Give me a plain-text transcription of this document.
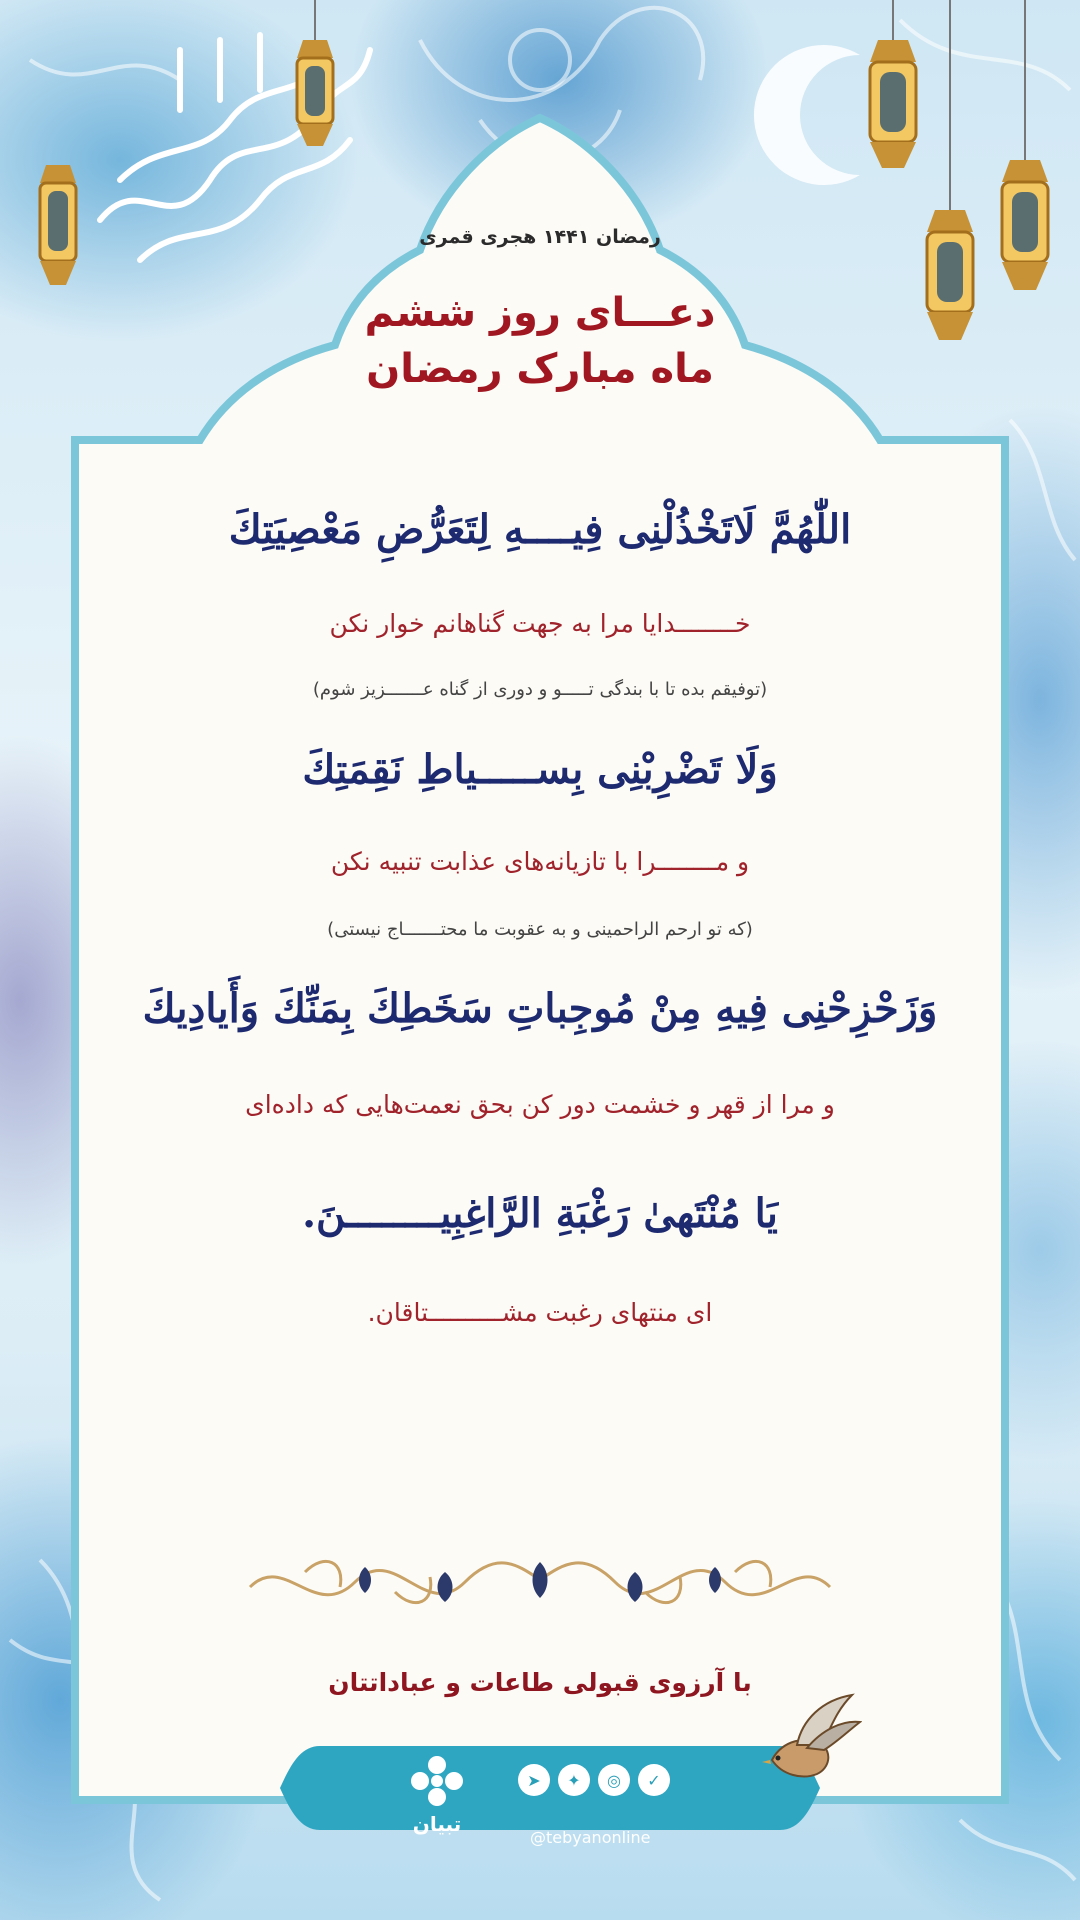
رمضان ۱۴۴۱ هجری قمری
دعـــای روز ششم
ماه مبارک رمضان
اللّٰهُمَّ لَاتَخْذُلْنِی فِیــــهِ لِتَعَرُّضِ مَعْصِیَتِكَ
خــــــــدایا مرا به جهت گناهانم خوار نکن
(توفیقم بده تا با بندگی تـــــو و دوری از گناه عـــــــزیز شوم)
وَلَا تَضْرِبْنِی بِســـــیاطِ نَقِمَتِكَ
و مــــــــرا با تازیانه‌های عذابت تنبیه نکن
(که تو ارحم الراحمینی و به عقوبت ما محتـــــــاج نیستی)
وَزَحْزِحْنِی فِیهِ مِنْ مُوجِباتِ سَخَطِكَ بِمَنِّكَ وَأَیادِیكَ
و مرا از قهر و خشمت دور کن بحق نعمت‌هایی که داده‌ای
یَا مُنْتَهیٰ رَغْبَةِ الرَّاغِبِیــــــــنَ.
ای منتهای رغبت مشــــــــــتاقان.
با آرزوی قبولی طاعات و عباداتتان
تبیان
➤	✦	◎	✓
@tebyanonline
